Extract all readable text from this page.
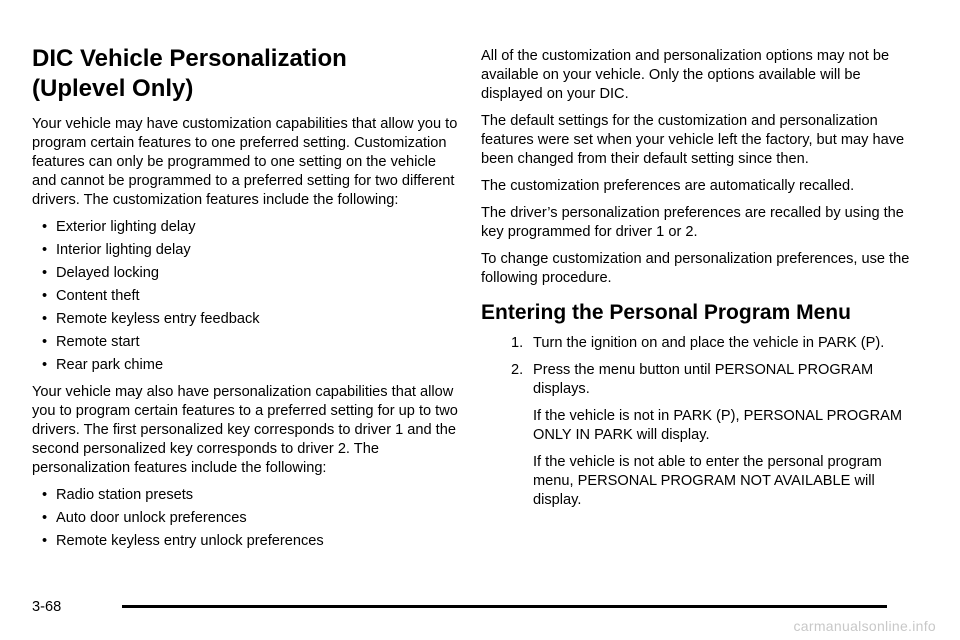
DIC Vehicle Personalization
(Uplevel Only)

Your vehicle may have customization capabilities that allow you to program certain features to one preferred setting. Customization features can only be programmed to one setting on the vehicle and cannot be programmed to a preferred setting for two different drivers. The customization features include the following:

• Exterior lighting delay
• Interior lighting delay
• Delayed locking
• Content theft
• Remote keyless entry feedback
• Remote start
• Rear park chime

Your vehicle may also have personalization capabilities that allow you to program certain features to a preferred setting for up to two drivers. The first personalized key corresponds to driver 1 and the second personalized key corresponds to driver 2. The personalization features include the following:

• Radio station presets
• Auto door unlock preferences
• Remote keyless entry unlock preferences

All of the customization and personalization options may not be available on your vehicle. Only the options available will be displayed on your DIC.

The default settings for the customization and personalization features were set when your vehicle left the factory, but may have been changed from their default setting since then.

The customization preferences are automatically recalled.

The driver’s personalization preferences are recalled by using the key programmed for driver 1 or 2.

To change customization and personalization preferences, use the following procedure.

Entering the Personal Program Menu
1. Turn the ignition on and place the vehicle in PARK (P).
2. Press the menu button until PERSONAL PROGRAM displays.
If the vehicle is not in PARK (P), PERSONAL PROGRAM ONLY IN PARK will display.
If the vehicle is not able to enter the personal program menu, PERSONAL PROGRAM NOT AVAILABLE will display.
3-68
carmanualsonline.info
